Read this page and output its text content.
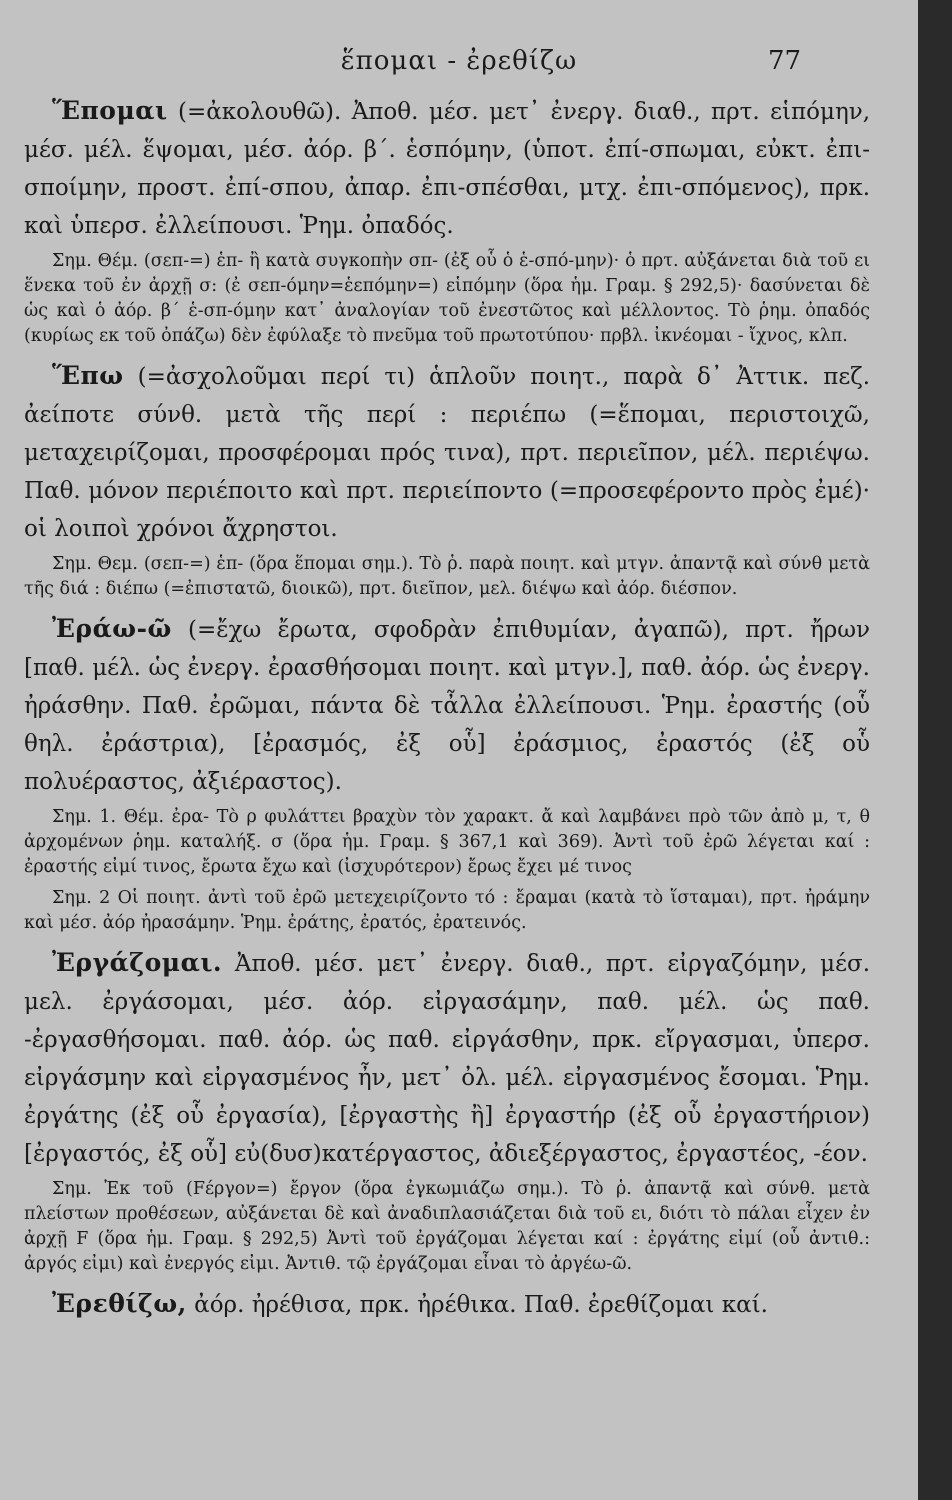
ἕπομαι - ἐρεθίζω	77

Ἕπομαι (=ἀκολουθῶ). Ἀποθ. μέσ. μετ᾽ ἐνεργ. διαθ., πρτ. εἱπόμην, μέσ. μέλ. ἕψομαι, μέσ. ἀόρ. β΄. ἑσπόμην, (ὑποτ. ἐπί-σπωμαι, εὐκτ. ἐπι-σποίμην, προστ. ἐπί-σπου, ἀπαρ. ἐπι-σπέσθαι, μτχ. ἐπι-σπόμενος), πρκ. καὶ ὑπερσ. ἐλλείπουσι. Ῥημ. ὀπαδός.

Σημ. Θέμ. (σεπ-=) ἑπ- ἢ κατὰ συγκοπὴν σπ- (ἐξ οὗ ὁ ἑ-σπό-μην)· ὁ πρτ. αὐξάνεται διὰ τοῦ ει ἕνεκα τοῦ ἐν ἀρχῇ σ: (ἐ σεπ-όμην=ἑεπόμην=) εἱπόμην (ὅρα ἡμ. Γραμ. § 292,5)· δασύνεται δὲ ὡς καὶ ὁ ἀόρ. β΄ ἑ-σπ-όμην κατ᾽ ἀναλογίαν τοῦ ἐνεστῶτος καὶ μέλλοντος. Τὸ ῥημ. ὀπαδός (κυρίως εκ τοῦ ὀπάζω) δὲν ἐφύλαξε τὸ πνεῦμα τοῦ πρωτοτύπου· πρβλ. ἰκνέομαι - ἴχνος, κλπ.

Ἕπω (=ἀσχολοῦμαι περί τι) ἁπλοῦν ποιητ., παρὰ δ᾽ Ἀττικ. πεζ. ἀείποτε σύνθ. μετὰ τῆς περί : περιέπω (=ἕπομαι, περιστοιχῶ, μεταχειρίζομαι, προσφέρομαι πρός τινα), πρτ. περιεῖπον, μέλ. περιέψω. Παθ. μόνον περιέποιτο καὶ πρτ. περιείποντο (=προσεφέροντο πρὸς ἐμέ)· οἱ λοιποὶ χρόνοι ἄχρηστοι.

Σημ. Θεμ. (σεπ-=) ἑπ- (ὅρα ἕπομαι σημ.). Τὸ ῥ. παρὰ ποιητ. καὶ μτγν. ἀπαντᾷ καὶ σύνθ μετὰ τῆς διά : διέπω (=ἐπιστατῶ, διοικῶ), πρτ. διεῖπον, μελ. διέψω καὶ ἀόρ. διέσπον.

Ἐράω-ῶ (=ἔχω ἔρωτα, σφοδρὰν ἐπιθυμίαν, ἀγαπῶ), πρτ. ἤρων [παθ. μέλ. ὡς ἐνεργ. ἐρασθήσομαι ποιητ. καὶ μτγν.], παθ. ἀόρ. ὡς ἐνεργ. ἠράσθην. Παθ. ἐρῶμαι, πάντα δὲ τἆλλα ἐλλείπουσι. Ῥημ. ἐραστής (οὗ θηλ. ἐράστρια), [ἐρασμός, ἐξ οὗ] ἐράσμιος, ἐραστός (ἐξ οὗ πολυέραστος, ἀξιέραστος).

Σημ. 1. Θέμ. ἐρα- Τὸ ρ φυλάττει βραχὺν τὸν χαρακτ. ἄ καὶ λαμβάνει πρὸ τῶν ἀπὸ μ, τ, θ ἀρχομένων ῥημ. καταλήξ. σ (ὅρα ἡμ. Γραμ. § 367,1 καὶ 369). Ἀντὶ τοῦ ἐρῶ λέγεται καί : ἐραστής εἰμί τινος, ἔρωτα ἔχω καὶ (ἰσχυρότερον) ἔρως ἔχει μέ τινος

Σημ. 2 Οἱ ποιητ. ἀντὶ τοῦ ἐρῶ μετεχειρίζοντο τό : ἔραμαι (κατὰ τὸ ἵσταμαι), πρτ. ἠράμην καὶ μέσ. ἀόρ ἠρασάμην. Ῥημ. ἐράτης, ἐρατός, ἐρατεινός.

Ἐργάζομαι. Ἀποθ. μέσ. μετ᾽ ἐνεργ. διαθ., πρτ. εἰργαζόμην, μέσ. μελ. ἐργάσομαι, μέσ. ἀόρ. εἰργασάμην, παθ. μέλ. ὡς παθ. -ἐργασθήσομαι. παθ. ἀόρ. ὡς παθ. εἰργάσθην, πρκ. εἴργασμαι, ὑπερσ. εἰργάσμην καὶ εἰργασμένος ἦν, μετ᾽ ὀλ. μέλ. εἰργασμένος ἔσομαι. Ῥημ. ἐργάτης (ἐξ οὗ ἐργασία), [ἐργαστὴς ἢ] ἐργαστήρ (ἐξ οὗ ἐργαστήριον) [ἐργαστός, ἐξ οὗ] εὐ(δυσ)κατέργαστος, ἀδιεξέργαστος, ἐργαστέος, -έον.

Σημ. Ἐκ τοῦ (Fέργον=) ἔργον (ὅρα ἐγκωμιάζω σημ.). Τὸ ῥ. ἀπαντᾷ καὶ σύνθ. μετὰ πλείστων προθέσεων, αὐξάνεται δὲ καὶ ἀναδιπλασιάζεται διὰ τοῦ ει, διότι τὸ πάλαι εἶχεν ἐν ἀρχῇ F (ὅρα ἡμ. Γραμ. § 292,5) Ἀντὶ τοῦ ἐργάζομαι λέγεται καί : ἐργάτης εἰμί (οὗ ἀντιθ.: ἀργός εἰμι) καὶ ἐνεργός εἰμι. Ἀντιθ. τῷ ἐργάζομαι εἶναι τὸ ἀργέω-ῶ.

Ἐρεθίζω, ἀόρ. ἠρέθισα, πρκ. ἠρέθικα. Παθ. ἐρεθίζομαι καί.
